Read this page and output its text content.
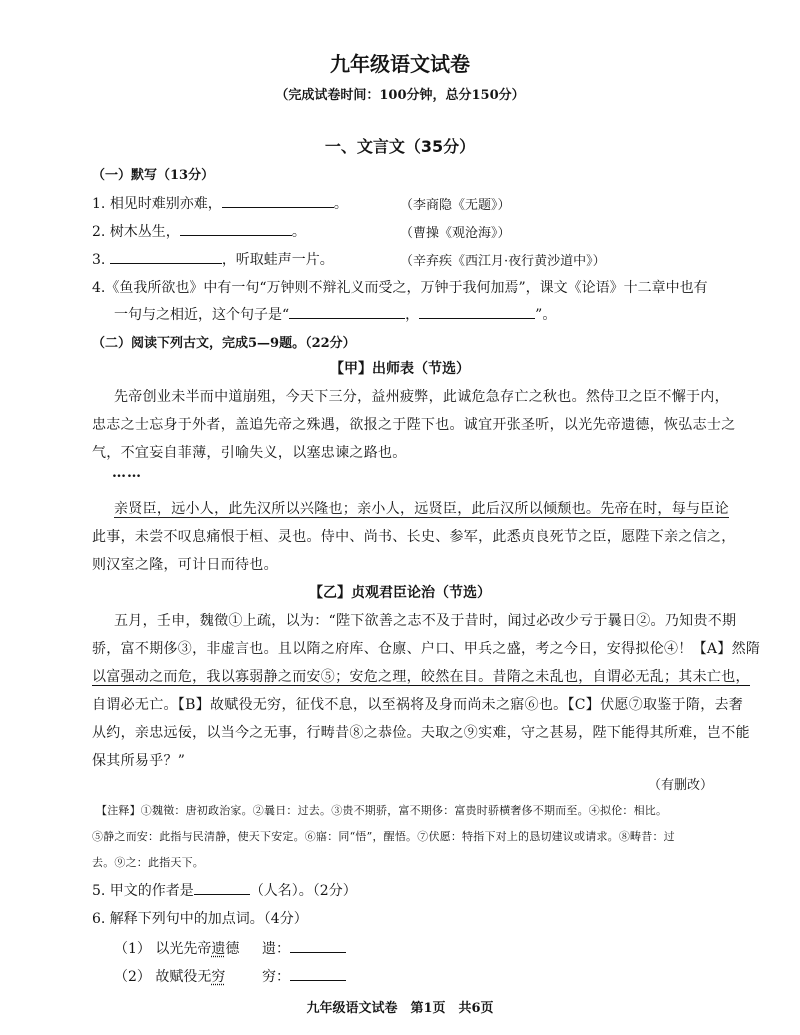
九年级语文试卷
（完成试卷时间：100分钟，总分150分）
一、文言文（35分）
（一）默写（13分）
1. 相见时难别亦难，	。	（李商隐《无题》）
2. 树木丛生，	。	（曹操《观沧海》）
3.	，听取蛙声一片。	（辛弃疾《西江月·夜行黄沙道中》）
4.《鱼我所欲也》中有一句“万钟则不辩礼义而受之，万钟于我何加焉”，课文《论语》十二章中也有
一句与之相近，这个句子是“	，	”。
（二）阅读下列古文，完成5—9题。（22分）
【甲】出师表（节选）
先帝创业未半而中道崩殂，今天下三分，益州疲弊，此诚危急存亡之秋也。然侍卫之臣不懈于内，
忠志之士忘身于外者，盖追先帝之殊遇，欲报之于陛下也。诚宜开张圣听，以光先帝遗德，恢弘志士之
气，不宜妄自菲薄，引喻失义，以塞忠谏之路也。
……
亲贤臣，远小人，此先汉所以兴隆也；亲小人，远贤臣，此后汉所以倾颓也。先帝在时，每与臣论
此事，未尝不叹息痛恨于桓、灵也。侍中、尚书、长史、参军，此悉贞良死节之臣，愿陛下亲之信之，
则汉室之隆，可计日而待也。
【乙】贞观君臣论治（节选）
五月，壬申，魏徵①上疏，以为：“陛下欲善之志不及于昔时，闻过必改少亏于曩日②。乃知贵不期
骄，富不期侈③，非虚言也。且以隋之府库、仓廪、户口、甲兵之盛，考之今日，安得拟伦④！【A】然隋
以富强动之而危，我以寡弱静之而安⑤；安危之理，皎然在目。昔隋之未乱也，自谓必无乱；其未亡也，
自谓必无亡。【B】故赋役无穷，征伐不息，以至祸将及身而尚未之寤⑥也。【C】伏愿⑦取鉴于隋，去奢
从约，亲忠远佞，以当今之无事，行畴昔⑧之恭俭。夫取之⑨实难，守之甚易，陛下能得其所难，岂不能
保其所易乎？”
（有删改）
【注释】①魏徵：唐初政治家。②曩日：过去。③贵不期骄，富不期侈：富贵时骄横奢侈不期而至。④拟伦：相比。
⑤静之而安：此指与民清静，使天下安定。⑥寤：同“悟”，醒悟。⑦伏愿：特指下对上的恳切建议或请求。⑧畴昔：过
去。⑨之：此指天下。
5. 甲文的作者是	（人名）。（2分）
6. 解释下列句中的加点词。（4分）
（1） 以光先帝遗德 遗：
（2） 故赋役无穷	穷：
九年级语文试卷　第1页　共6页
